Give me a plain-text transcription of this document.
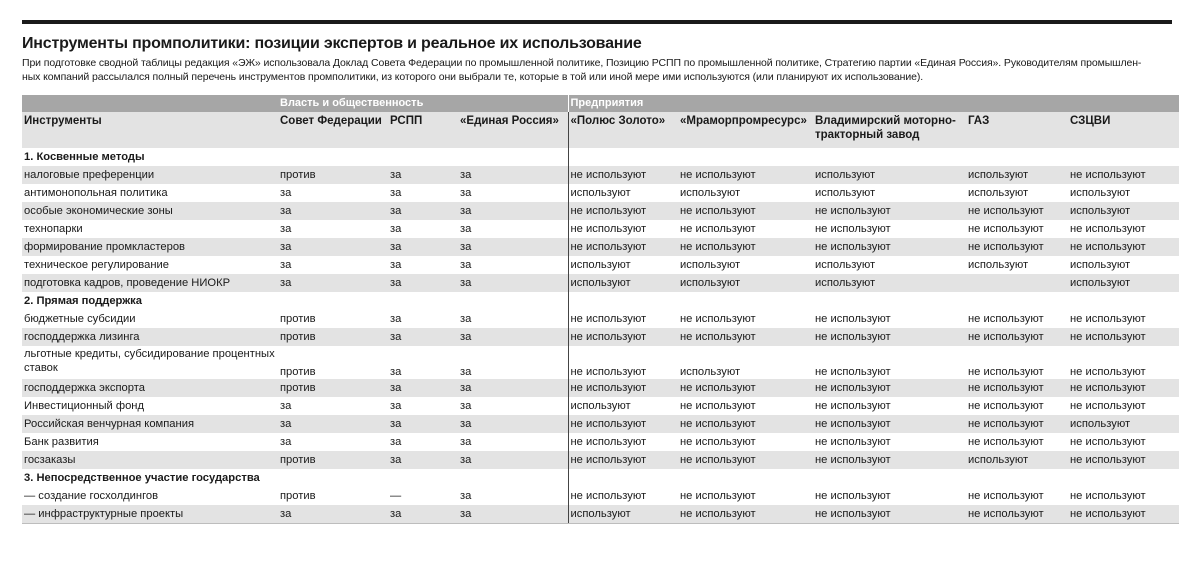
Инструменты промполитики: позиции экспертов и реальное их использование

При подготовке сводной таблицы редакция «ЭЖ» использовала Доклад Совета Федерации по промышленной политике, Позицию РСПП по промышленной политике, Стратегию партии «Единая Россия». Руководителям промышлен-

ных компаний рассылался полный перечень инструментов промполитики, из которого они выбрали те, которые в той или иной мере ими используются (или планируют их использование).

	Власть и общественность			Предприятия				
Инструменты	Совет Федерации	РСПП	«Единая Россия»	«Полюс Золото»	«Мраморпромресурс»	Владимирский моторно-тракторный завод	ГАЗ	СЗЦВИ
1. Косвенные методы								
налоговые преференции	против	за	за	не используют	не используют	используют	используют	не используют
антимонопольная политика	за	за	за	используют	используют	используют	используют	используют
особые экономические зоны	за	за	за	не используют	не используют	не используют	не используют	используют
технопарки	за	за	за	не используют	не используют	не используют	не используют	не используют
формирование промкластеров	за	за	за	не используют	не используют	не используют	не используют	не используют
техническое регулирование	за	за	за	используют	используют	используют	используют	используют
подготовка кадров, проведение НИОКР	за	за	за	используют	используют	используют		используют
2. Прямая поддержка								
бюджетные субсидии	против	за	за	не используют	не используют	не используют	не используют	не используют
господдержка лизинга	против	за	за	не используют	не используют	не используют	не используют	не используют
льготные кредиты, субсидирование процентных ставок	против	за	за	не используют	используют	не используют	не используют	не используют
господдержка экспорта	против	за	за	не используют	не используют	не используют	не используют	не используют
Инвестиционный фонд	за	за	за	используют	не используют	не используют	не используют	не используют
Российская венчурная компания	за	за	за	не используют	не используют	не используют	не используют	используют
Банк развития	за	за	за	не используют	не используют	не используют	не используют	не используют
госзаказы	против	за	за	не используют	не используют	не используют	используют	не используют
3. Непосредственное участие государства								
— создание госхолдингов	против	—	за	не используют	не используют	не используют	не используют	не используют
— инфраструктурные проекты	за	за	за	используют	не используют	не используют	не используют	не используют
